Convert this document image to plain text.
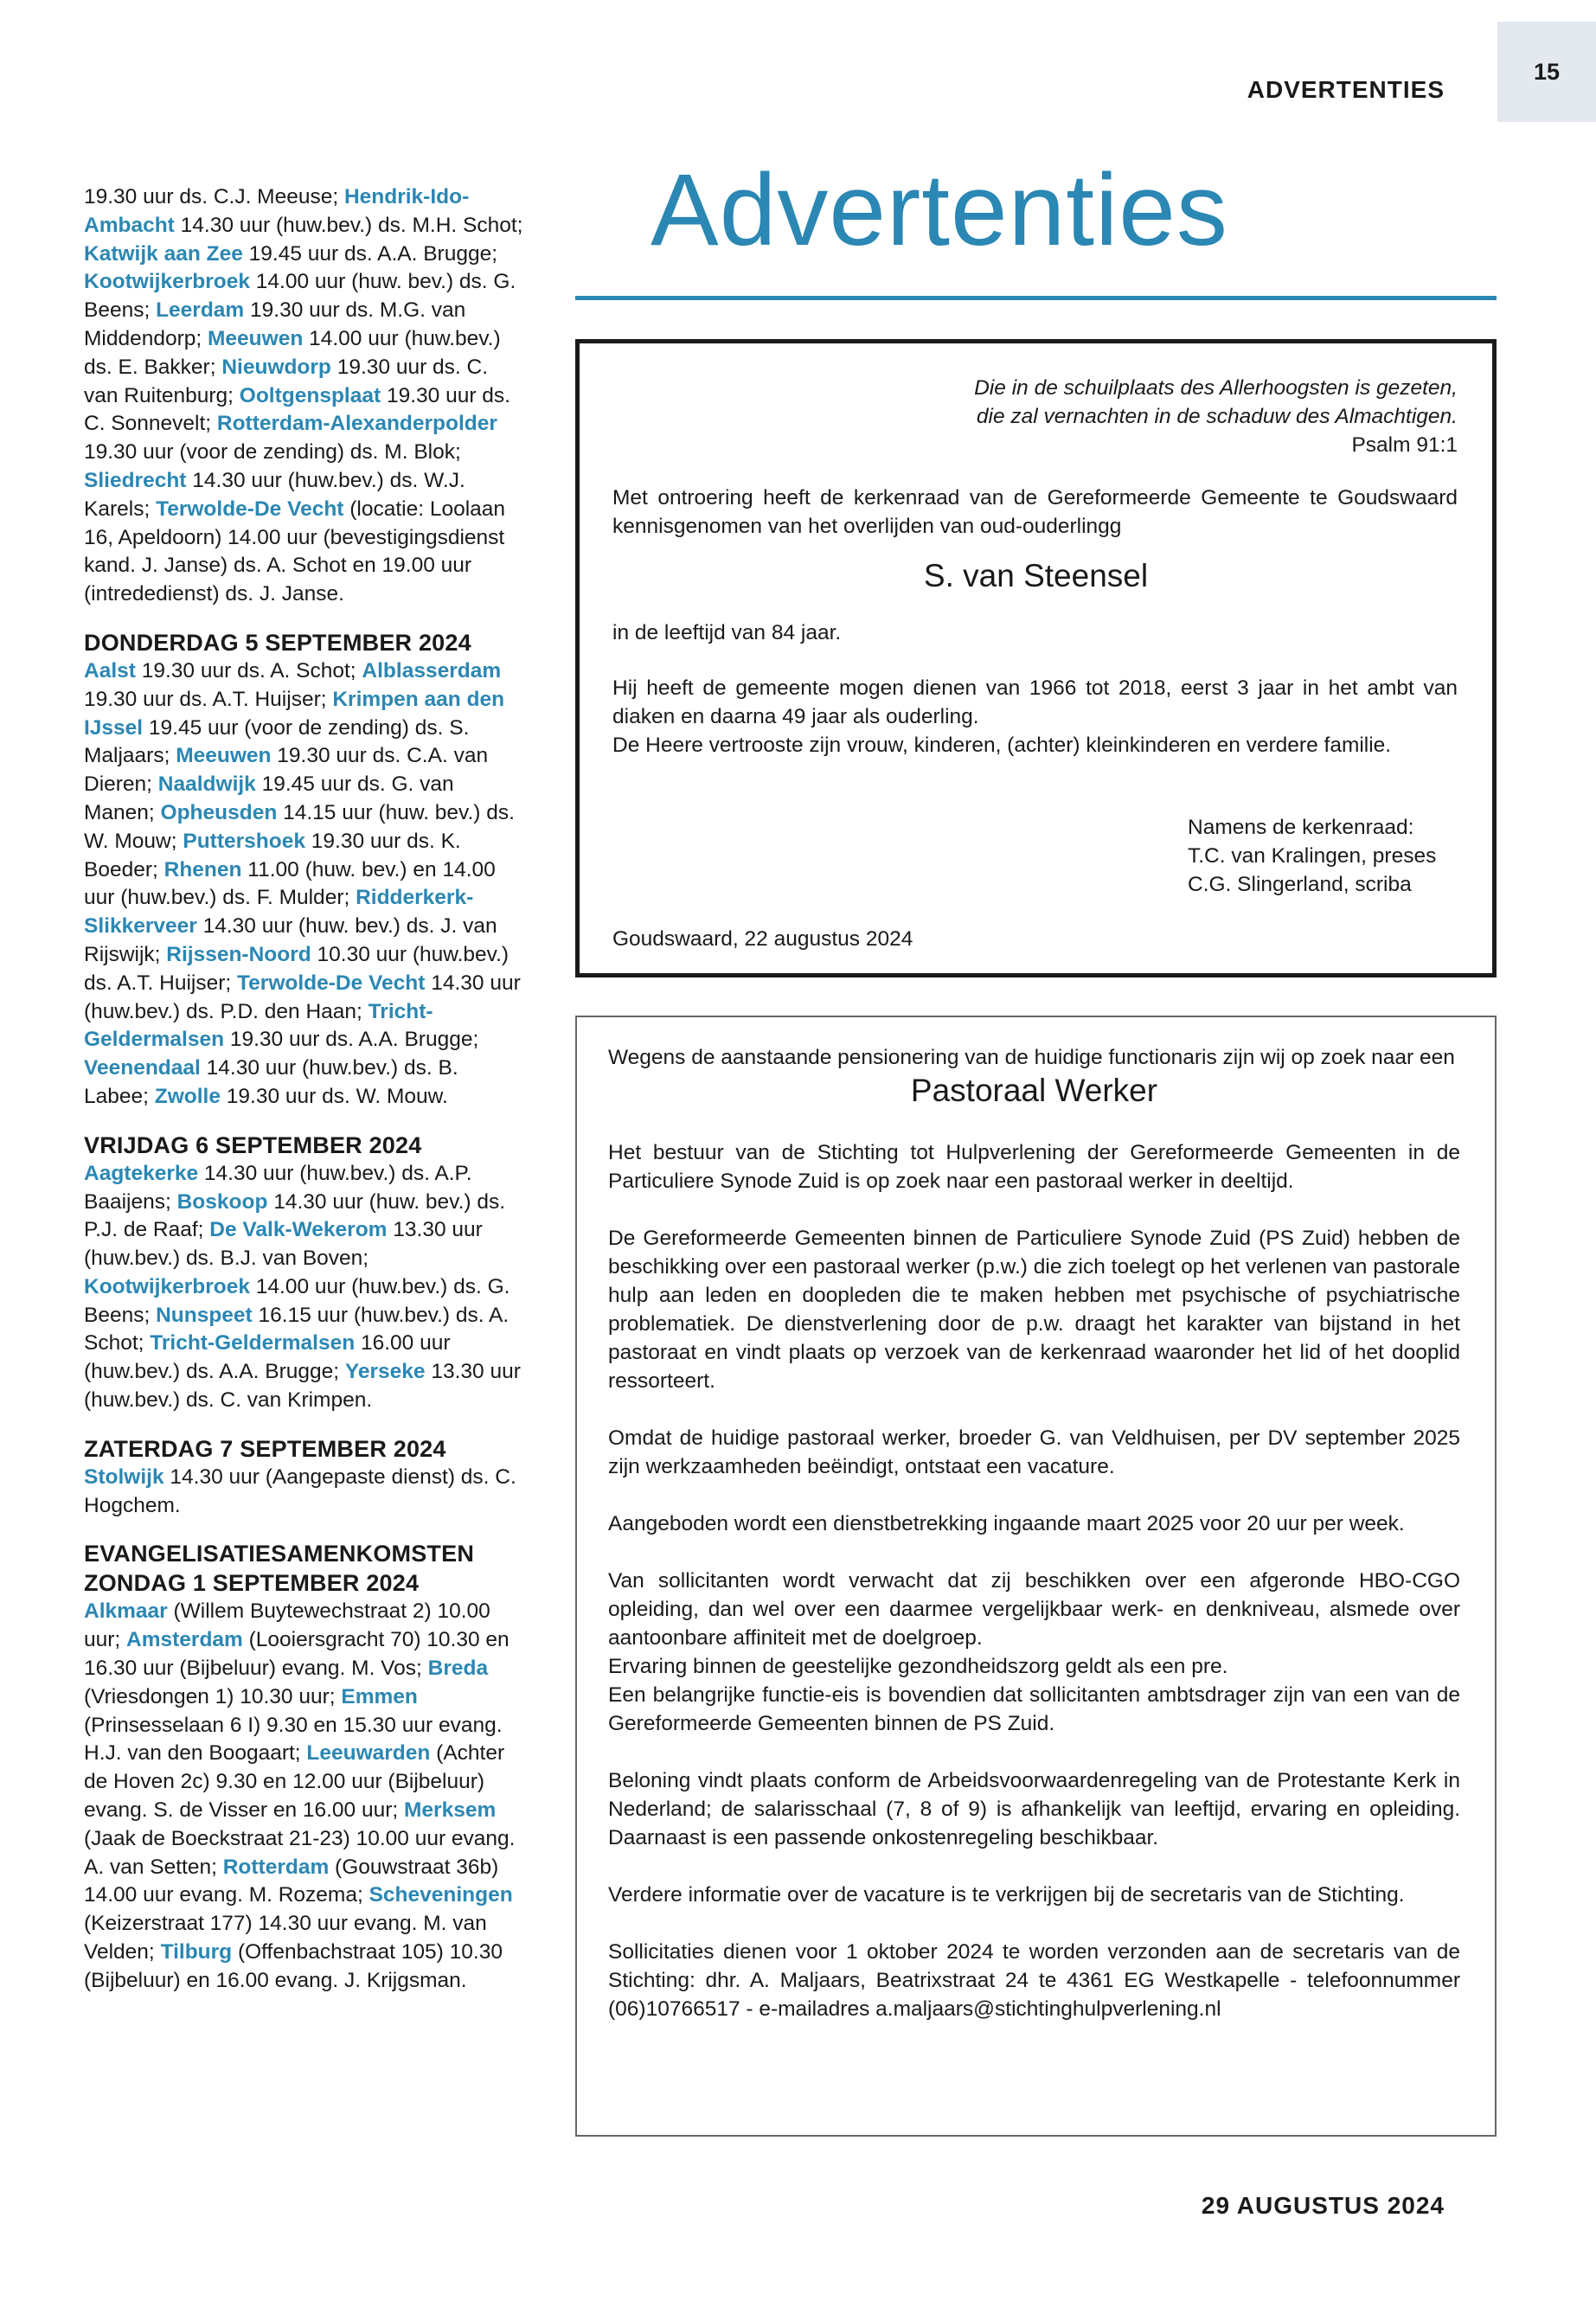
15
ADVERTENTIES

19.30 uur ds. C.J. Meeuse; Hendrik-Ido-Ambacht 14.30 uur (huw.bev.) ds. M.H. Schot; Katwijk aan Zee 19.45 uur ds. A.A. Brugge; Kootwijkerbroek 14.00 uur (huw. bev.) ds. G. Beens; Leerdam 19.30 uur ds. M.G. van Middendorp; Meeuwen 14.00 uur (huw.bev.) ds. E. Bakker; Nieuwdorp 19.30 uur ds. C. van Ruitenburg; Ooltgensplaat 19.30 uur ds. C. Sonnevelt; Rotterdam-Alexanderpolder 19.30 uur (voor de zending) ds. M. Blok; Sliedrecht 14.30 uur (huw.bev.) ds. W.J. Karels; Terwolde-De Vecht (locatie: Loolaan 16, Apeldoorn) 14.00 uur (bevestigingsdienst kand. J. Janse) ds. A. Schot en 19.00 uur (intrededienst) ds. J. Janse.

DONDERDAG 5 SEPTEMBER 2024

Aalst 19.30 uur ds. A. Schot; Alblasserdam 19.30 uur ds. A.T. Huijser; Krimpen aan den IJssel 19.45 uur (voor de zending) ds. S. Maljaars; Meeuwen 19.30 uur ds. C.A. van Dieren; Naaldwijk 19.45 uur ds. G. van Manen; Opheusden 14.15 uur (huw. bev.) ds. W. Mouw; Puttershoek 19.30 uur ds. K. Boeder; Rhenen 11.00 (huw. bev.) en 14.00 uur (huw.bev.) ds. F. Mulder; Ridderkerk-Slikkerveer 14.30 uur (huw. bev.) ds. J. van Rijswijk; Rijssen-Noord 10.30 uur (huw.bev.) ds. A.T. Huijser; Terwolde-De Vecht 14.30 uur (huw.bev.) ds. P.D. den Haan; Tricht-Geldermalsen 19.30 uur ds. A.A. Brugge; Veenendaal 14.30 uur (huw.bev.) ds. B. Labee; Zwolle 19.30 uur ds. W. Mouw.

VRIJDAG 6 SEPTEMBER 2024

Aagtekerke 14.30 uur (huw.bev.) ds. A.P. Baaijens; Boskoop 14.30 uur (huw. bev.) ds. P.J. de Raaf; De Valk-Wekerom 13.30 uur (huw.bev.) ds. B.J. van Boven; Kootwijkerbroek 14.00 uur (huw.bev.) ds. G. Beens; Nunspeet 16.15 uur (huw.bev.) ds. A. Schot; Tricht-Geldermalsen 16.00 uur (huw.bev.) ds. A.A. Brugge; Yerseke 13.30 uur (huw.bev.) ds. C. van Krimpen.

ZATERDAG 7 SEPTEMBER 2024

Stolwijk 14.30 uur (Aangepaste dienst) ds. C. Hogchem.

EVANGELISATIESAMENKOMSTEN ZONDAG 1 SEPTEMBER 2024

Alkmaar (Willem Buytewechstraat 2) 10.00 uur; Amsterdam (Looiersgracht 70) 10.30 en 16.30 uur (Bijbeluur) evang. M. Vos; Breda (Vriesdongen 1) 10.30 uur; Emmen (Prinsesselaan 6 I) 9.30 en 15.30 uur evang. H.J. van den Boogaart; Leeuwarden (Achter de Hoven 2c) 9.30 en 12.00 uur (Bijbeluur) evang. S. de Visser en 16.00 uur; Merksem (Jaak de Boeckstraat 21-23) 10.00 uur evang. A. van Setten; Rotterdam (Gouwstraat 36b) 14.00 uur evang. M. Rozema; Scheveningen (Keizerstraat 177) 14.30 uur evang. M. van Velden; Tilburg (Offenbachstraat 105) 10.30 (Bijbeluur) en 16.00 evang. J. Krijgsman.

Advertenties
Die in de schuilplaats des Allerhoogsten is gezeten,
die zal vernachten in de schaduw des Almachtigen.
Psalm 91:1
Met ontroering heeft de kerkenraad van de Gereformeerde Gemeente te Goudswaard kennisgenomen van het overlijden van oud-ouderlingg
S. van Steensel
in de leeftijd van 84 jaar.
Hij heeft de gemeente mogen dienen van 1966 tot 2018, eerst 3 jaar in het ambt van diaken en daarna 49 jaar als ouderling.
De Heere vertrooste zijn vrouw, kinderen, (achter) kleinkinderen en verdere familie.
Namens de kerkenraad:
T.C. van Kralingen, preses
C.G. Slingerland, scriba
Goudswaard, 22 augustus 2024

Wegens de aanstaande pensionering van de huidige functionaris zijn wij op zoek naar een

Pastoraal Werker

Het bestuur van de Stichting tot Hulpverlening der Gereformeerde Gemeenten in de Particuliere Synode Zuid is op zoek naar een pastoraal werker in deeltijd.

De Gereformeerde Gemeenten binnen de Particuliere Synode Zuid (PS Zuid) hebben de beschikking over een pastoraal werker (p.w.) die zich toelegt op het verlenen van pastorale hulp aan leden en doopleden die te maken hebben met psychische of psychiatrische problematiek. De dienstverlening door de p.w. draagt het karakter van bijstand in het pastoraat en vindt plaats op verzoek van de kerkenraad waaronder het lid of het dooplid ressorteert.

Omdat de huidige pastoraal werker, broeder G. van Veldhuisen, per DV september 2025 zijn werkzaamheden beëindigt, ontstaat een vacature.

Aangeboden wordt een dienstbetrekking ingaande maart 2025 voor 20 uur per week.

Van sollicitanten wordt verwacht dat zij beschikken over een afgeronde HBO-CGO opleiding, dan wel over een daarmee vergelijkbaar werk- en denkniveau, alsmede over aantoonbare affiniteit met de doelgroep.

Ervaring binnen de geestelijke gezondheidszorg geldt als een pre.

Een belangrijke functie-eis is bovendien dat sollicitanten ambtsdrager zijn van een van de Gereformeerde Gemeenten binnen de PS Zuid.

Beloning vindt plaats conform de Arbeidsvoorwaardenregeling van de Protestante Kerk in Nederland; de salarisschaal (7, 8 of 9) is afhankelijk van leeftijd, ervaring en opleiding. Daarnaast is een passende onkostenregeling beschikbaar.

Verdere informatie over de vacature is te verkrijgen bij de secretaris van de Stichting.

Sollicitaties dienen voor 1 oktober 2024 te worden verzonden aan de secretaris van de Stichting: dhr. A. Maljaars, Beatrixstraat 24 te 4361 EG Westkapelle - telefoonnummer (06)10766517 - e-mailadres a.maljaars@stichtinghulpverlening.nl

29 AUGUSTUS 2024
